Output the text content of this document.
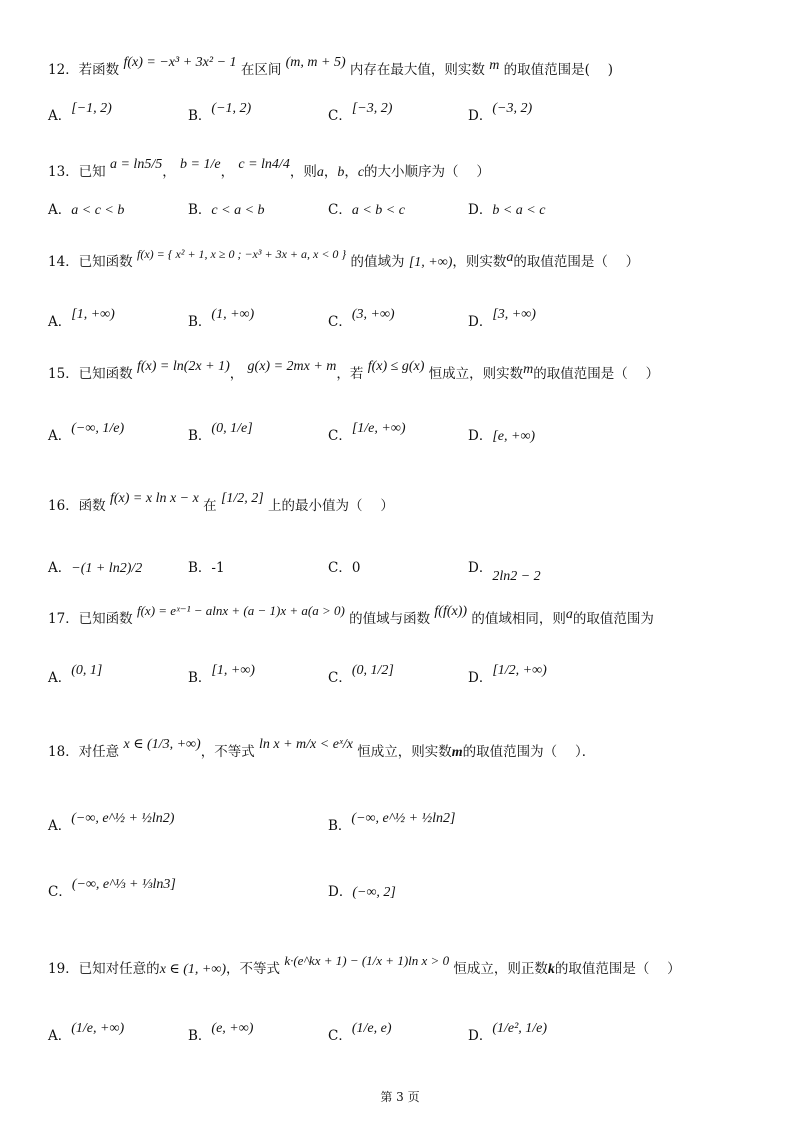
12．若函数 f(x) = −x³ + 3x² − 1 在区间 (m, m + 5) 内存在最大值，则实数 m 的取值范围是(　 )
A．[−1, 2)	B．(−1, 2)	C．[−3, 2)	D．(−3, 2)
13．已知 a = ln5/5， b = 1/e， c = ln4/4，则a，b，c的大小顺序为（　 ）
A．a < c < b	B．c < a < b	C．a < b < c	D．b < a < c
14．已知函数 f(x) = { x² + 1, x ≥ 0 ; −x³ + 3x + a, x < 0 } 的值域为 [1, +∞)，则实数a的取值范围是（　 ）
A．[1, +∞)	B．(1, +∞)	C．(3, +∞)	D．[3, +∞)
15．已知函数 f(x) = ln(2x + 1)， g(x) = 2mx + m，若 f(x) ≤ g(x) 恒成立，则实数m的取值范围是（　 ）
A．(−∞, 1/e)	B．(0, 1/e]	C．[1/e, +∞)	D．[e, +∞)
16．函数 f(x) = x ln x − x 在 [1/2, 2] 上的最小值为（　 ）
A．−(1 + ln2)/2	B．-1	C．0	D．2ln2 − 2
17．已知函数 f(x) = eˣ⁻¹ − alnx + (a − 1)x + a(a > 0) 的值域与函数 f(f(x)) 的值域相同，则a的取值范围为
A．(0, 1]	B．[1, +∞)	C．(0, 1/2]	D．[1/2, +∞)
18．对任意 x ∈ (1/3, +∞)，不等式 ln x + m/x < eˣ/x 恒成立，则实数m的取值范围为（　 ）．
A．(−∞, e^½ + ½ln2)	B．(−∞, e^½ + ½ln2]
C．(−∞, e^⅓ + ⅓ln3]	D．(−∞, 2]
19．已知对任意的x ∈ (1, +∞)，不等式 k·(e^kx + 1) − (1/x + 1)ln x > 0 恒成立，则正数k的取值范围是（　 ）
A．(1/e, +∞)	B．(e, +∞)	C．(1/e, e)	D．(1/e², 1/e)
第 3 页
